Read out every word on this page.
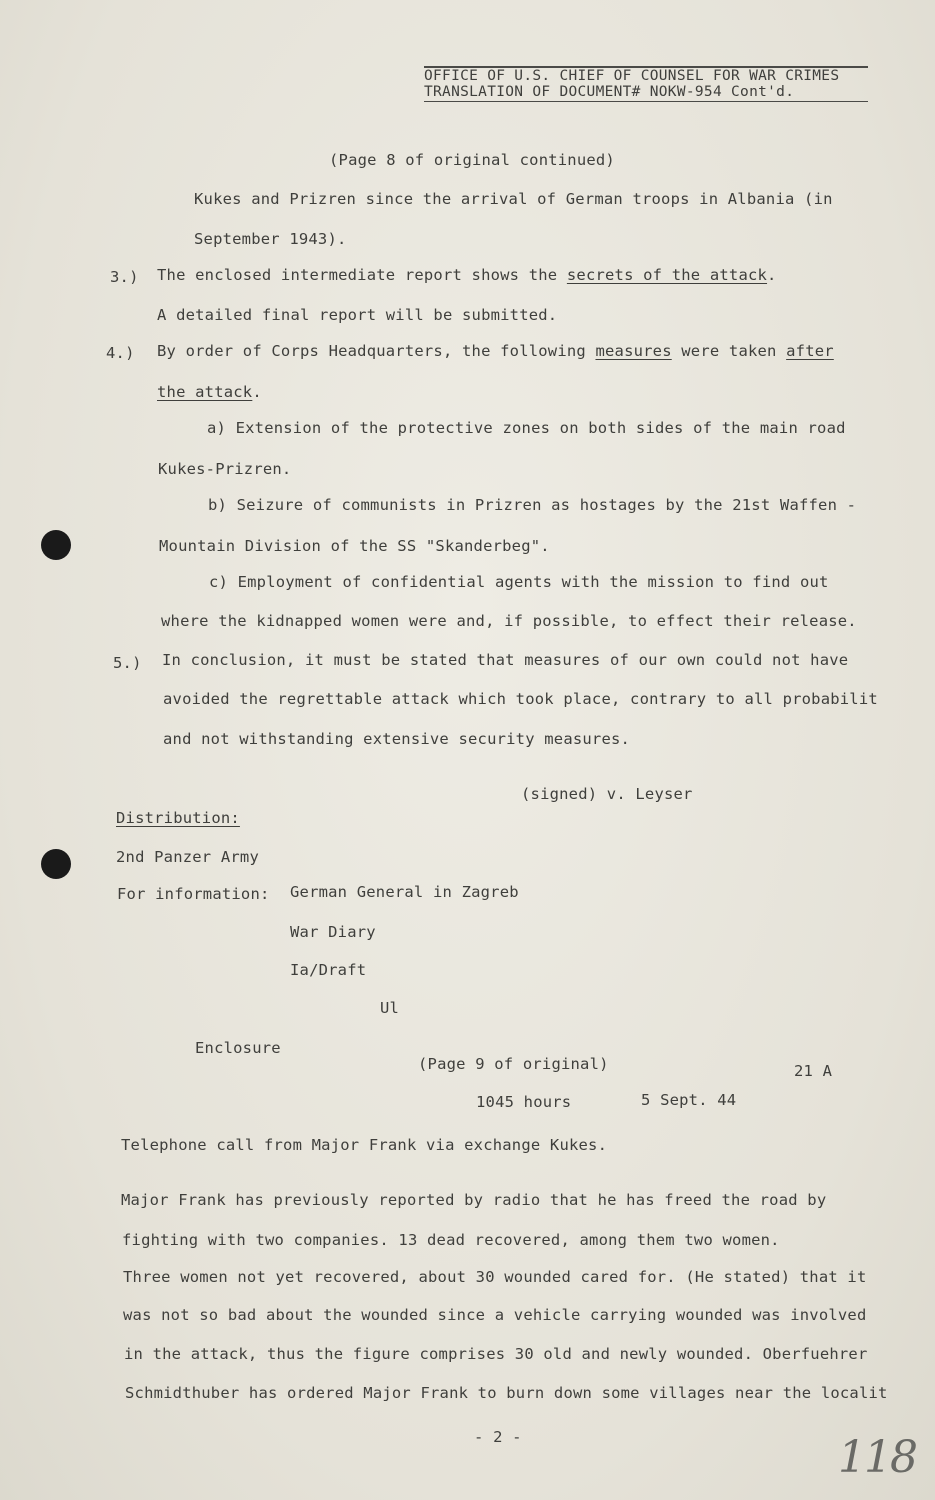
OFFICE OF U.S. CHIEF OF COUNSEL FOR WAR CRIMES
TRANSLATION OF DOCUMENT# NOKW-954 Cont'd.
(Page 8 of original continued)
Kukes and Prizren since the arrival of German troops in Albania (in
September 1943).
3.) The enclosed intermediate report shows the secrets of the attack.
A detailed final report will be submitted.
4.) By order of Corps Headquarters, the following measures were taken after
the attack.
a) Extension of the protective zones on both sides of the main road
Kukes-Prizren.
b) Seizure of communists in Prizren as hostages by the 21st Waffen -
Mountain Division of the SS "Skanderbeg".
c) Employment of confidential agents with the mission to find out
where the kidnapped women were and, if possible, to effect their release.
5.) In conclusion, it must be stated that measures of our own could not have
avoided the regrettable attack which took place, contrary to all probabilit
and not withstanding extensive security measures.
(signed) v. Leyser
Distribution:
2nd Panzer Army
For information: German General in Zagreb
War Diary
Ia/Draft
Ul
Enclosure
(Page 9 of original)	21 A
1045 hours	5 Sept. 44
Telephone call from Major Frank via exchange Kukes.
Major Frank has previously reported by radio that he has freed the road by
fighting with two companies. 13 dead recovered, among them two women.
Three women not yet recovered, about 30 wounded cared for. (He stated) that it
was not so bad about the wounded since a vehicle carrying wounded was involved
in the attack, thus the figure comprises 30 old and newly wounded. Oberfuehrer
Schmidthuber has ordered Major Frank to burn down some villages near the localit
- 2 -	118
